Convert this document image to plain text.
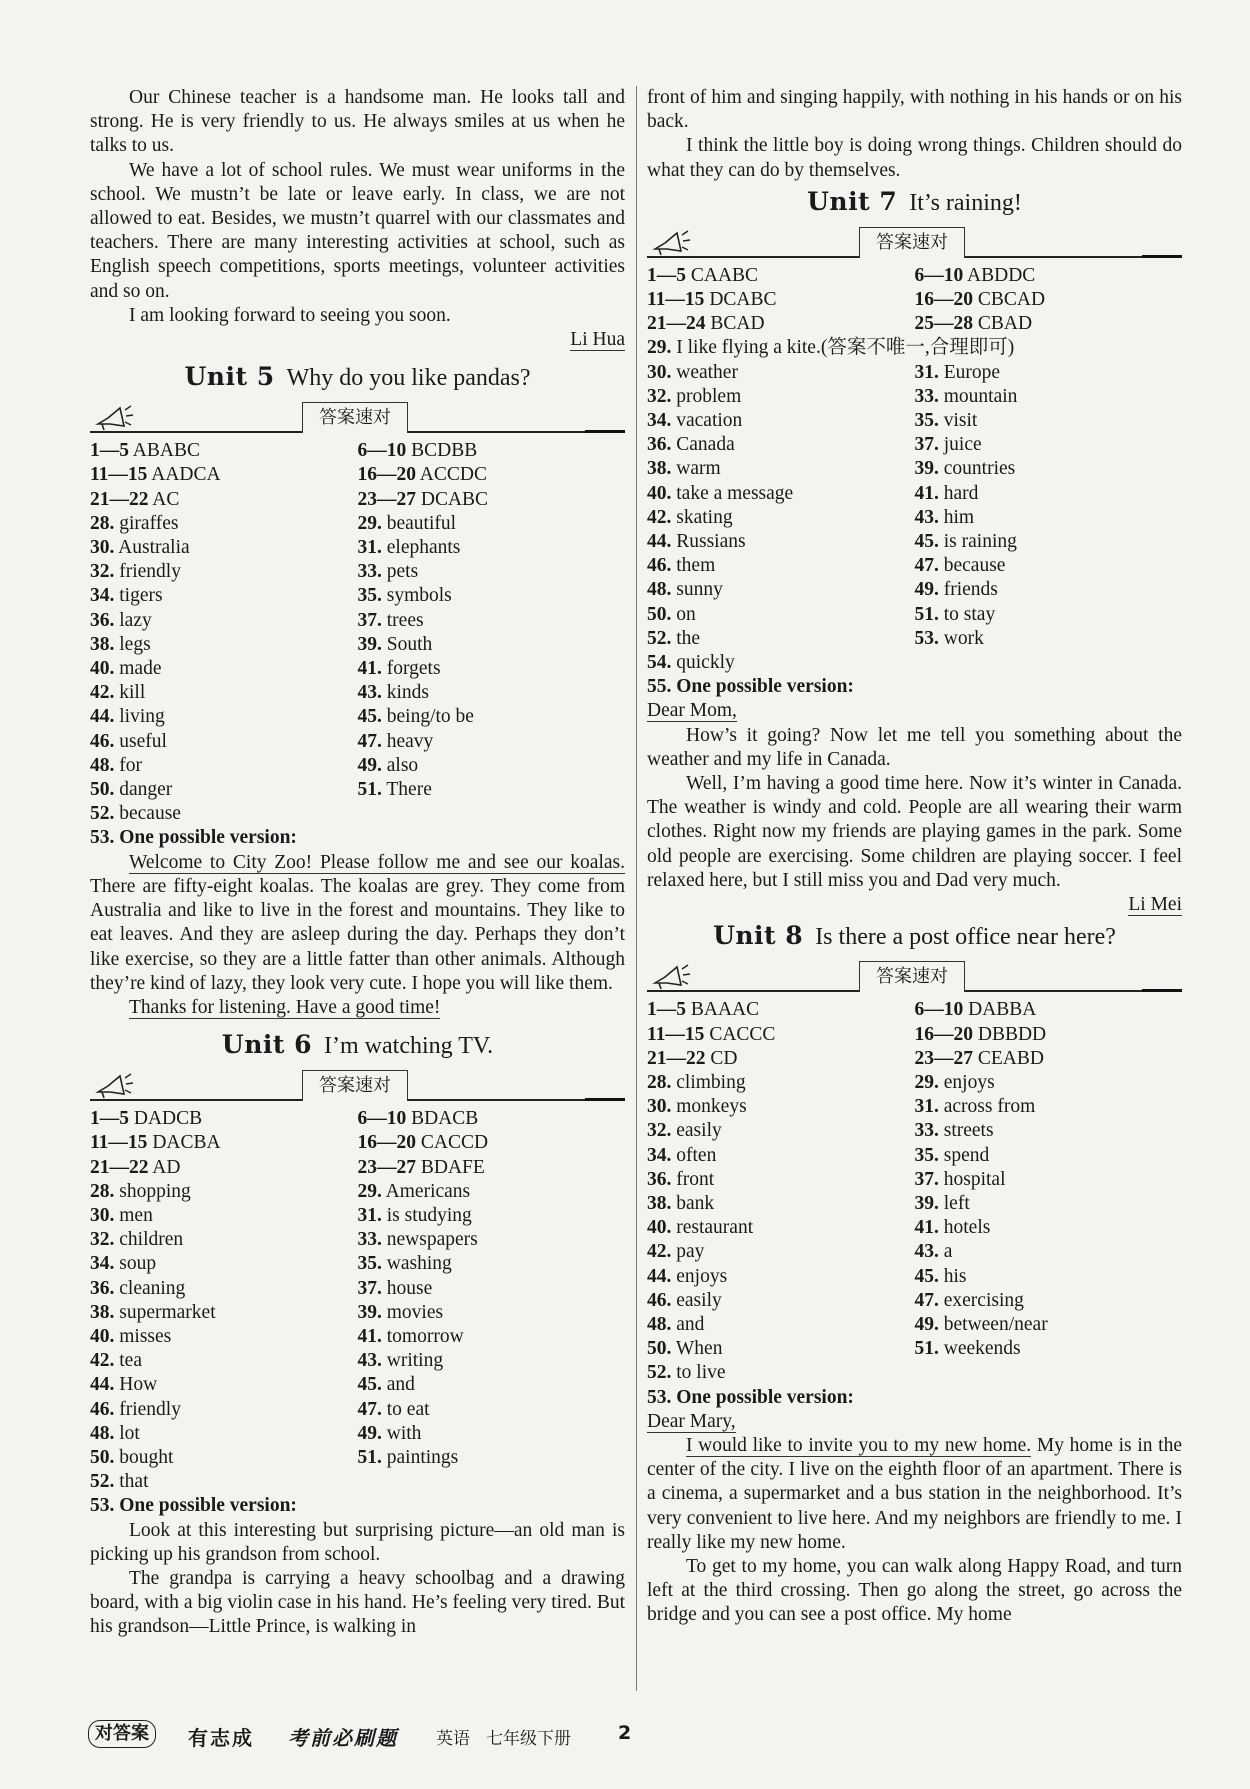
Our Chinese teacher is a handsome man. He looks tall and strong. He is very friendly to us. He always smiles at us when he talks to us.

We have a lot of school rules. We must wear uniforms in the school. We mustn’t be late or leave early. In class, we are not allowed to eat. Besides, we mustn’t quarrel with our classmates and teachers. There are many interesting activities at school, such as English speech competitions, sports meetings, volunteer activities and so on.

I am looking forward to seeing you soon.

Li Hua

Unit 5 Why do you like pandas?
答案速对
1—5 ABABC	6—10 BCDBB
11—15 AADCA	16—20 ACCDC
21—22 AC	23—27 DCABC
28. giraffes	29. beautiful
30. Australia	31. elephants
32. friendly	33. pets
34. tigers	35. symbols
36. lazy	37. trees
38. legs	39. South
40. made	41. forgets
42. kill	43. kinds
44. living	45. being/to be
46. useful	47. heavy
48. for	49. also
50. danger	51. There
52. because

53. One possible version:

Welcome to City Zoo! Please follow me and see our koalas. There are fifty-eight koalas. The koalas are grey. They come from Australia and like to live in the forest and mountains. They like to eat leaves. And they are asleep during the day. Perhaps they don’t like exercise, so they are a little fatter than other animals. Although they’re kind of lazy, they look very cute. I hope you will like them.

Thanks for listening. Have a good time!

Unit 6 I’m watching TV.
答案速对
1—5 DADCB	6—10 BDACB
11—15 DACBA	16—20 CACCD
21—22 AD	23—27 BDAFE
28. shopping	29. Americans
30. men	31. is studying
32. children	33. newspapers
34. soup	35. washing
36. cleaning	37. house
38. supermarket	39. movies
40. misses	41. tomorrow
42. tea	43. writing
44. How	45. and
46. friendly	47. to eat
48. lot	49. with
50. bought	51. paintings
52. that

53. One possible version:

Look at this interesting but surprising picture—an old man is picking up his grandson from school.

The grandpa is carrying a heavy schoolbag and a drawing board, with a big violin case in his hand. He’s feeling very tired. But his grandson—Little Prince, is walking in

front of him and singing happily, with nothing in his hands or on his back.

I think the little boy is doing wrong things. Children should do what they can do by themselves.

Unit 7 It’s raining!
答案速对
1—5 CAABC	6—10 ABDDC
11—15 DCABC	16—20 CBCAD
21—24 BCAD	25—28 CBAD
29. I like flying a kite.(答案不唯一,合理即可)
30. weather	31. Europe
32. problem	33. mountain
34. vacation	35. visit
36. Canada	37. juice
38. warm	39. countries
40. take a message	41. hard
42. skating	43. him
44. Russians	45. is raining
46. them	47. because
48. sunny	49. friends
50. on	51. to stay
52. the	53. work
54. quickly

55. One possible version:

Dear Mom,

How’s it going? Now let me tell you something about the weather and my life in Canada.

Well, I’m having a good time here. Now it’s winter in Canada. The weather is windy and cold. People are all wearing their warm clothes. Right now my friends are playing games in the park. Some old people are exercising. Some children are playing soccer. I feel relaxed here, but I still miss you and Dad very much.

Li Mei

Unit 8 Is there a post office near here?
答案速对
1—5 BAAAC	6—10 DABBA
11—15 CACCC	16—20 DBBDD
21—22 CD	23—27 CEABD
28. climbing	29. enjoys
30. monkeys	31. across from
32. easily	33. streets
34. often	35. spend
36. front	37. hospital
38. bank	39. left
40. restaurant	41. hotels
42. pay	43. a
44. enjoys	45. his
46. easily	47. exercising
48. and	49. between/near
50. When	51. weekends
52. to live

53. One possible version:

Dear Mary,

I would like to invite you to my new home. My home is in the center of the city. I live on the eighth floor of an apartment. There is a cinema, a supermarket and a bus station in the neighborhood. It’s very convenient to live here. And my neighbors are friendly to me. I really like my new home.

To get to my home, you can walk along Happy Road, and turn left at the third crossing. Then go along the street, go across the bridge and you can see a post office. My home

对答案	有志成 考前必刷题 英语 七年级下册 2
